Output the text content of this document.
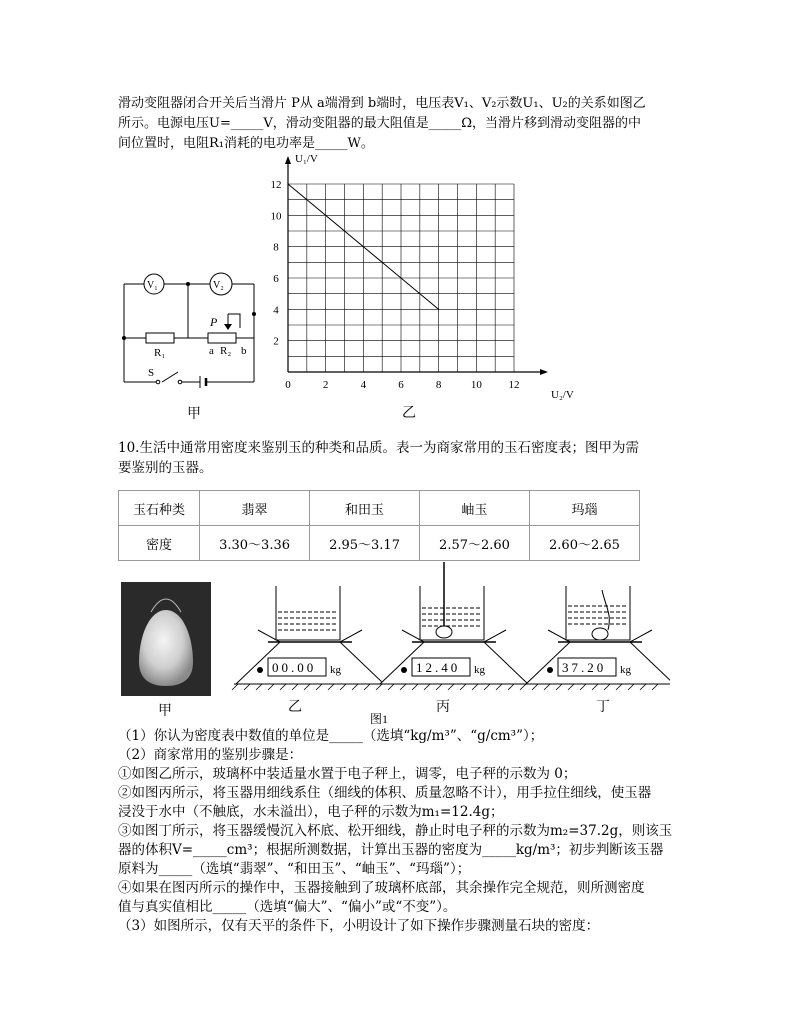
滑动变阻器闭合开关后当滑片 P从 a端滑到 b端时，电压表V₁、V₂示数U₁、U₂的关系如图乙
所示。电源电压U=_____V，滑动变阻器的最大阻值是_____Ω，当滑片移到滑动变阻器的中
间位置时，电阻R₁消耗的电功率是_____W。
V₁	V₂
P
R₁	a R₂ b
S
甲
0	2	4	6	8	10 12
2
4
6
8
10
12
U₁/V
U₂/V
乙
10.生活中通常用密度来鉴别玉的种类和品质。表一为商家常用的玉石密度表；图甲为需
要鉴别的玉器。
玉石种类	翡翠	和田玉	岫玉	玛瑙
密度	3.30～3.36	2.95～3.17	2.57～2.60	2.60～2.65
甲
00.00 kg	12.40 kg	37.20 kg
乙	丙	丁
图1
（1）你认为密度表中数值的单位是_____（选填“kg/m³”、“g/cm³”）；
（2）商家常用的鉴别步骤是：
①如图乙所示，玻璃杯中装适量水置于电子秤上，调零，电子秤的示数为 0；
②如图丙所示，将玉器用细线系住（细线的体积、质量忽略不计），用手拉住细线，使玉器
浸没于水中（不触底，水未溢出），电子秤的示数为m₁=12.4g；
③如图丁所示，将玉器缓慢沉入杯底、松开细线，静止时电子秤的示数为m₂=37.2g，则该玉
器的体积V=_____cm³；根据所测数据，计算出玉器的密度为_____kg/m³；初步判断该玉器
原料为_____（选填“翡翠”、“和田玉”、“岫玉”、“玛瑙”）；
④如果在图丙所示的操作中，玉器接触到了玻璃杯底部，其余操作完全规范，则所测密度
值与真实值相比_____（选填“偏大”、“偏小”或“不变”）。
（3）如图所示，仅有天平的条件下，小明设计了如下操作步骤测量石块的密度：
